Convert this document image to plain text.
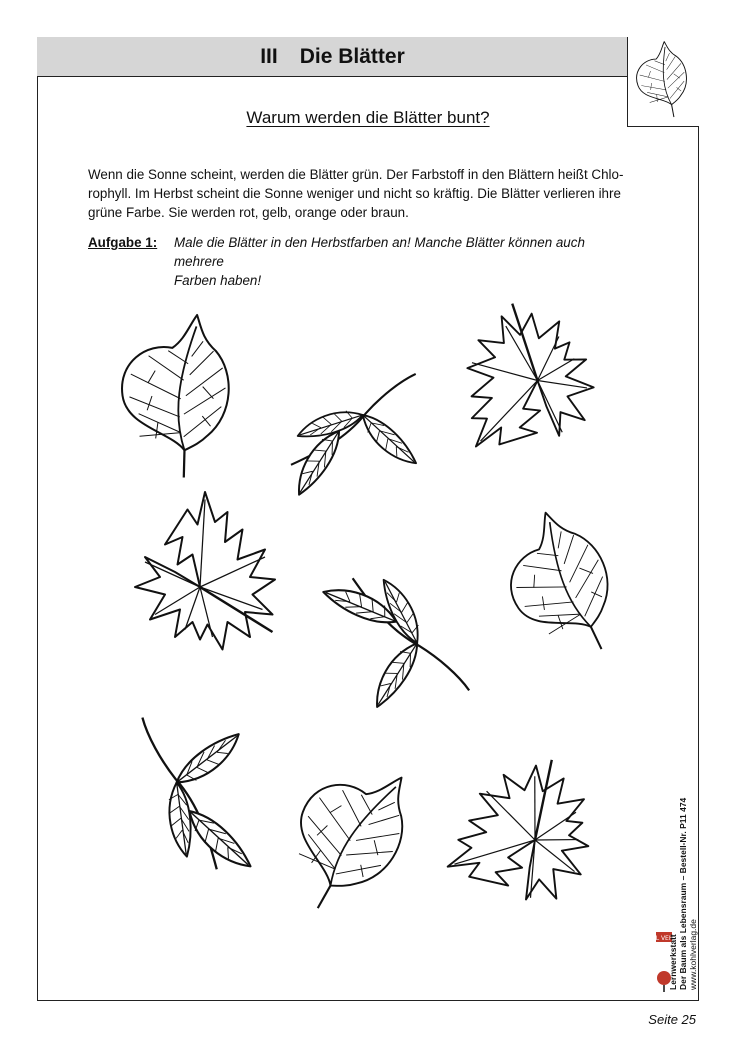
III Die Blätter
Warum werden die Blätter bunt?

Wenn die Sonne scheint, werden die Blätter grün. Der Farbstoff in den Blättern heißt Chlo-

rophyll. Im Herbst scheint die Sonne weniger und nicht so kräftig. Die Blätter verlieren ihre

grüne Farbe. Sie werden rot, gelb, orange oder braun.

Aufgabe 1: Male die Blätter in den Herbstfarben an! Manche Blätter können auch mehrere
Farben haben!
KOHL VERLAG
Lernwerkstatt Der Baum als Lebensraum – Bestell-Nr. P11 474 www.kohlverlag.de
Seite 25
